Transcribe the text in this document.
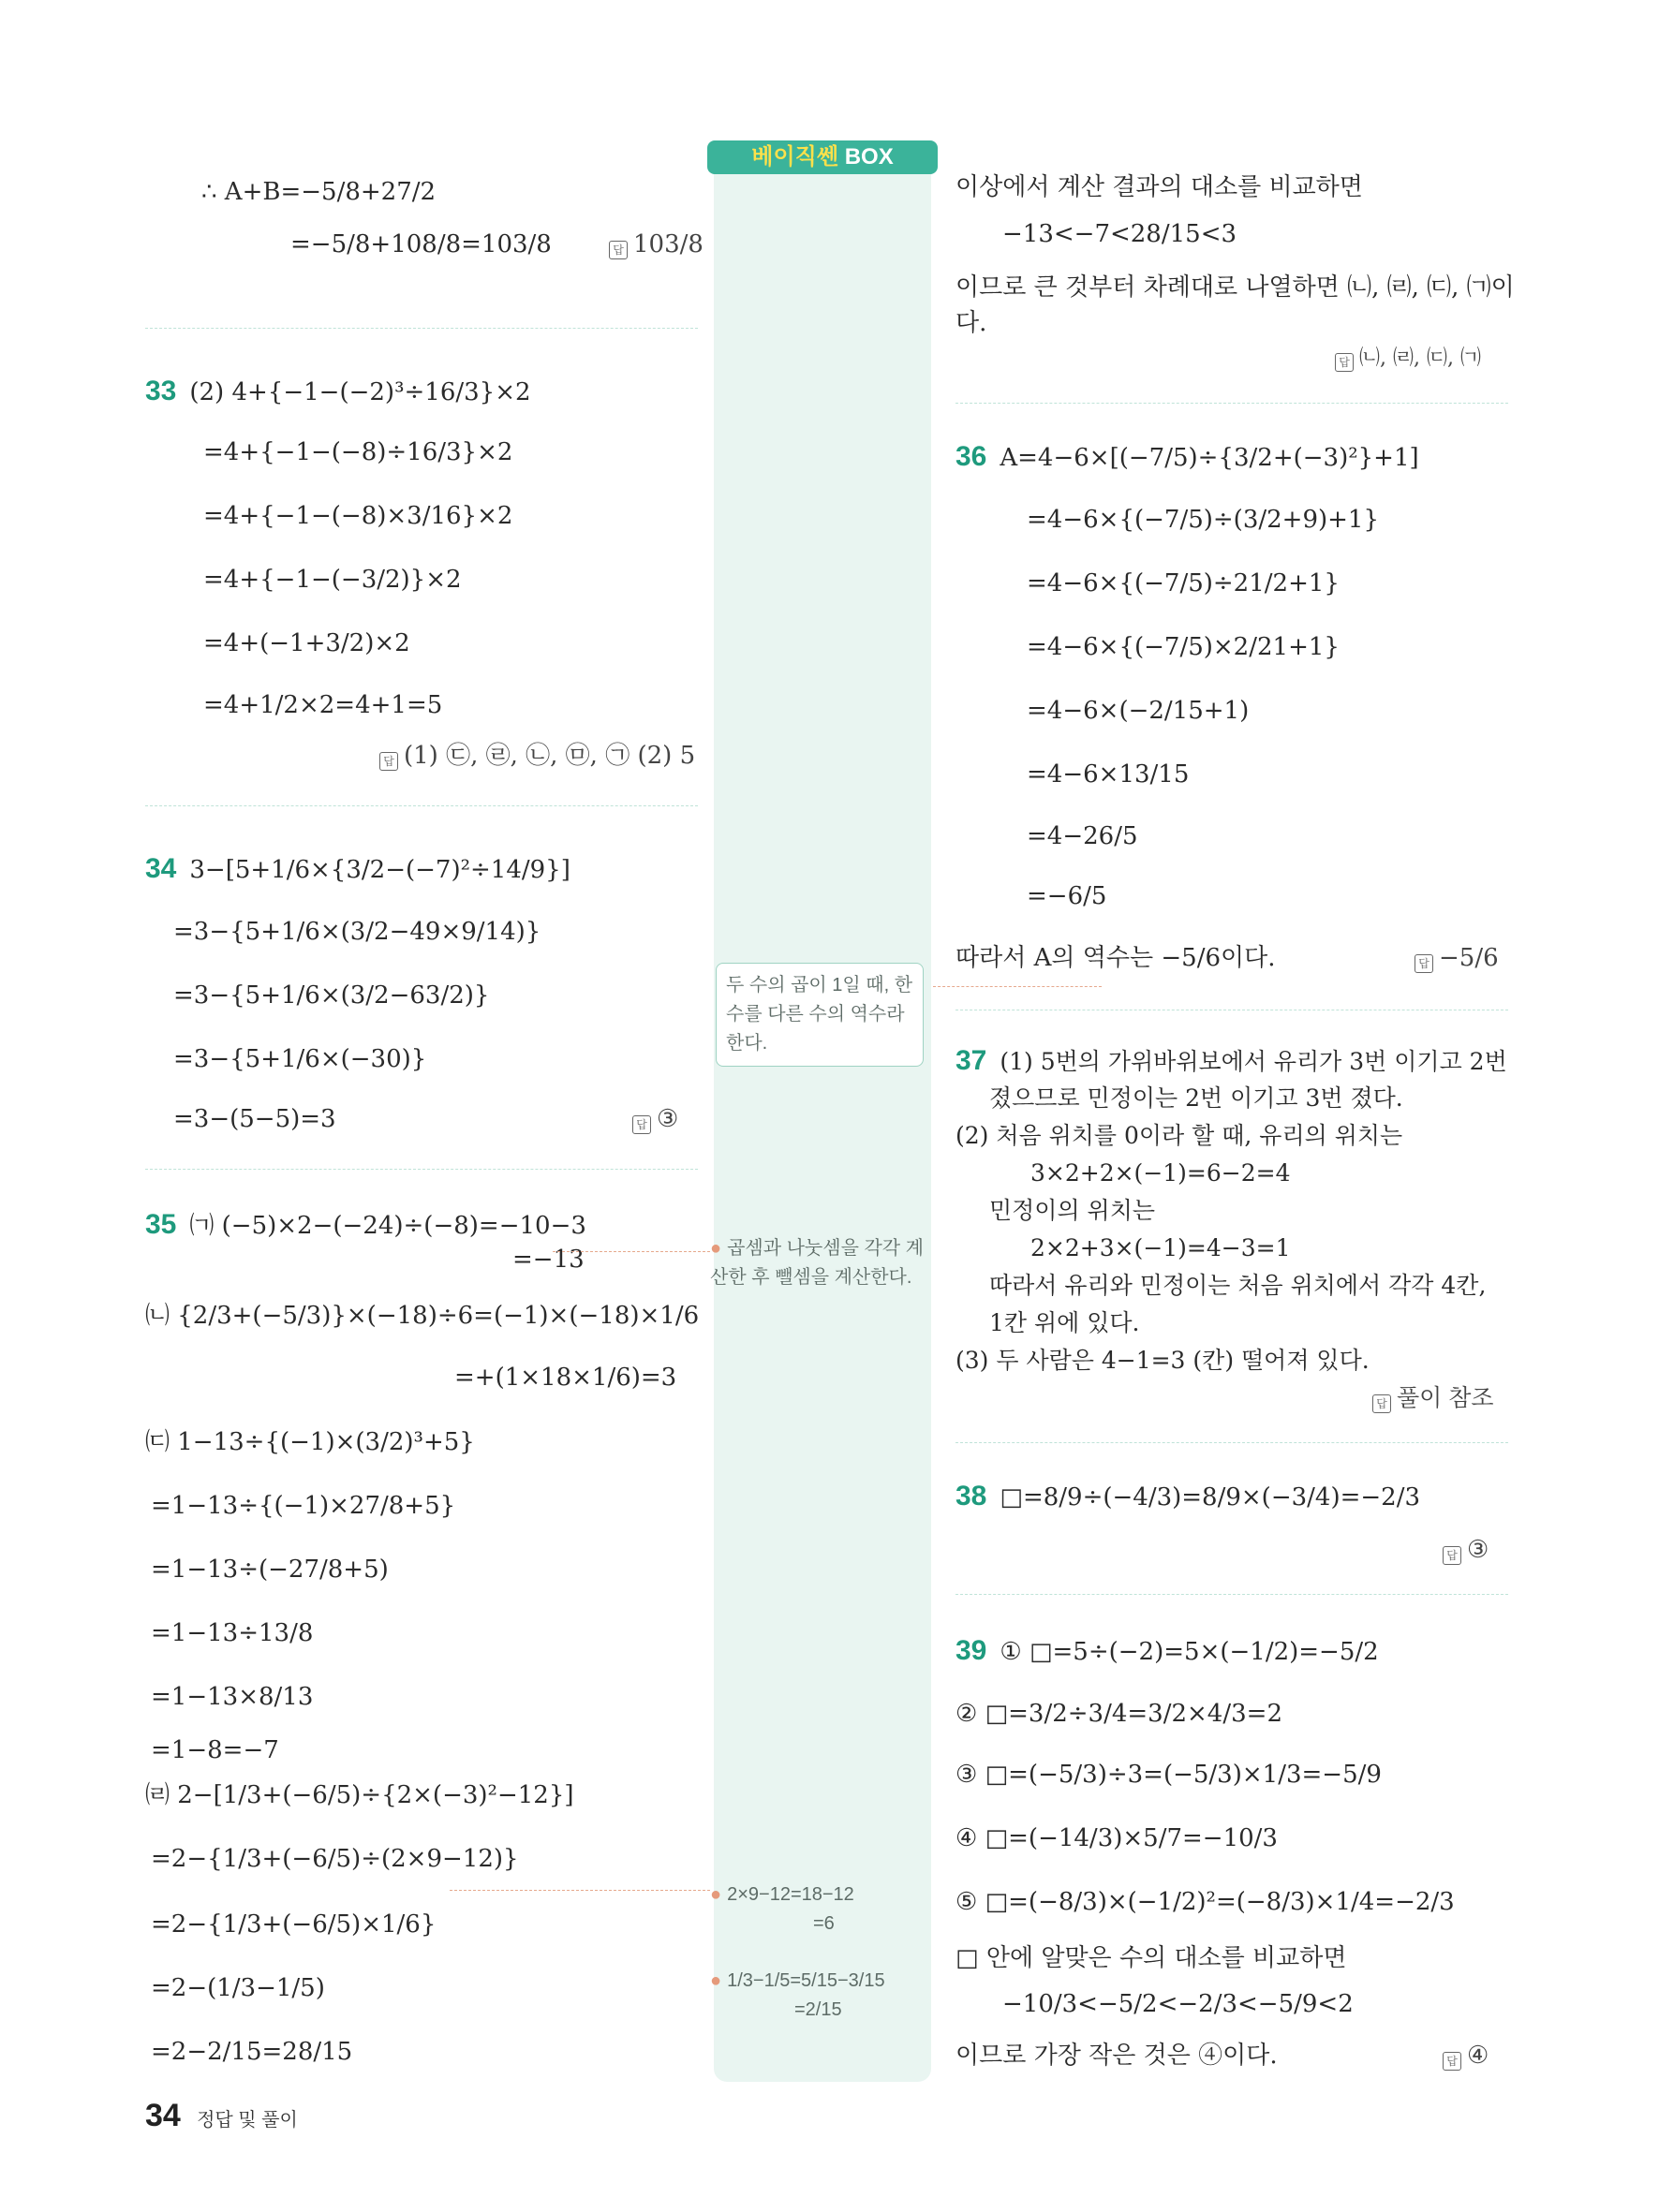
베이직쎈 BOX
∴ A+B=−5/8+27/2
=−5/8+108/8=103/8	답 103/8
33 (2) 4+{−1−(−2)³÷16/3}×2
=4+{−1−(−8)÷16/3}×2
=4+{−1−(−8)×3/16}×2
=4+{−1−(−3/2)}×2
=4+(−1+3/2)×2
=4+1/2×2=4+1=5
답 (1) ㉢, ㉣, ㉡, ㉤, ㉠ (2) 5
34 3−[5+1/6×{3/2−(−7)²÷14/9}]
=3−{5+1/6×(3/2−49×9/14)}
=3−{5+1/6×(3/2−63/2)}
=3−{5+1/6×(−30)}
=3−(5−5)=3	답 ③
35 ㈀ (−5)×2−(−24)÷(−8)=−10−3
=−13
㈁ {2/3+(−5/3)}×(−18)÷6=(−1)×(−18)×1/6
=+(1×18×1/6)=3
㈂ 1−13÷{(−1)×(3/2)³+5}
=1−13÷{(−1)×27/8+5}
=1−13÷(−27/8+5)
=1−13÷13/8
=1−13×8/13
=1−8=−7
㈃ 2−[1/3+(−6/5)÷{2×(−3)²−12}]
=2−{1/3+(−6/5)÷(2×9−12)}
=2−{1/3+(−6/5)×1/6}
=2−(1/3−1/5)
=2−2/15=28/15
두 수의 곱이 1일 때, 한 수를 다른 수의 역수라 한다.
● 곱셈과 나눗셈을 각각 계산한 후 뺄셈을 계산한다.
● 2×9−12=18−12
=6
● 1/3−1/5=5/15−3/15
=2/15
이상에서 계산 결과의 대소를 비교하면
−13<−7<28/15<3
이므로 큰 것부터 차례대로 나열하면 ㈁, ㈃, ㈂, ㈀이
다.
답 ㈁, ㈃, ㈂, ㈀
36 A=4−6×[(−7/5)÷{3/2+(−3)²}+1]
=4−6×{(−7/5)÷(3/2+9)+1}
=4−6×{(−7/5)÷21/2+1}
=4−6×{(−7/5)×2/21+1}
=4−6×(−2/15+1)
=4−6×13/15
=4−26/5
=−6/5
따라서 A의 역수는 −5/6이다.	답 −5/6
37 (1) 5번의 가위바위보에서 유리가 3번 이기고 2번
졌으므로 민정이는 2번 이기고 3번 졌다.
(2) 처음 위치를 0이라 할 때, 유리의 위치는
3×2+2×(−1)=6−2=4
민정이의 위치는
2×2+3×(−1)=4−3=1
따라서 유리와 민정이는 처음 위치에서 각각 4칸,
1칸 위에 있다.
(3) 두 사람은 4−1=3 (칸) 떨어져 있다.
답 풀이 참조
38 □=8/9÷(−4/3)=8/9×(−3/4)=−2/3
답 ③
39 ① □=5÷(−2)=5×(−1/2)=−5/2
② □=3/2÷3/4=3/2×4/3=2
③ □=(−5/3)÷3=(−5/3)×1/3=−5/9
④ □=(−14/3)×5/7=−10/3
⑤ □=(−8/3)×(−1/2)²=(−8/3)×1/4=−2/3
□ 안에 알맞은 수의 대소를 비교하면
−10/3<−5/2<−2/3<−5/9<2
이므로 가장 작은 것은 ④이다.	답 ④
34 정답 및 풀이
